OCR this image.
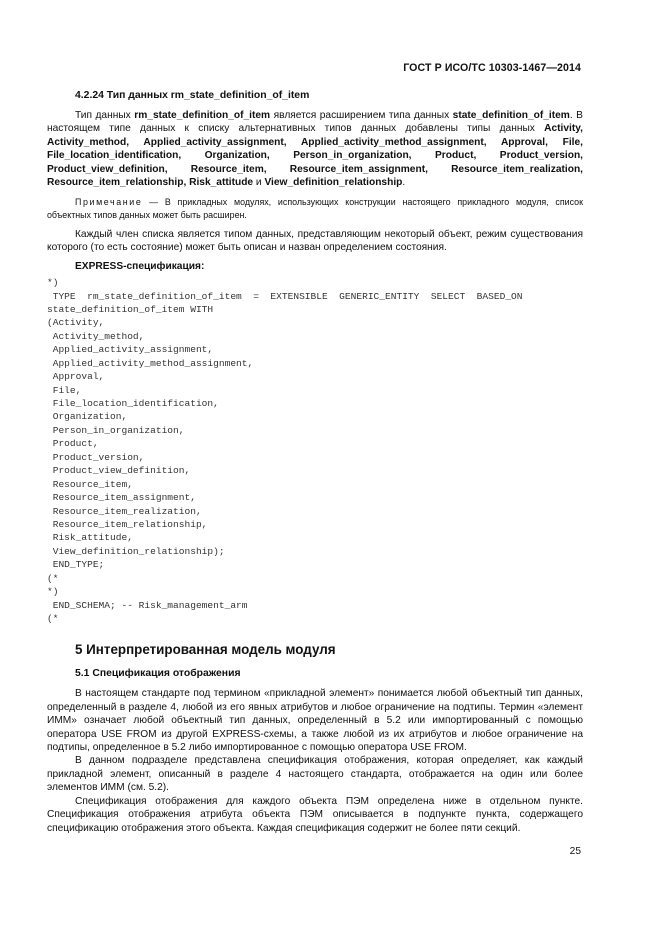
ГОСТ Р ИСО/ТС 10303-1467—2014

4.2.24 Тип данных rm_state_definition_of_item

Тип данных rm_state_definition_of_item является расширением типа данных state_definition_of_item. В настоящем типе данных к списку альтернативных типов данных добавлены типы данных Activity, Activity_method, Applied_activity_assignment, Applied_activity_method_assignment, Approval, File, File_location_identification, Organization, Person_in_organization, Product, Product_version, Product_view_definition, Resource_item, Resource_item_assignment, Resource_item_realization, Resource_item_relationship, Risk_attitude и View_definition_relationship.

Примечание — В прикладных модулях, использующих конструкции настоящего прикладного модуля, список объектных типов данных может быть расширен.

Каждый член списка является типом данных, представляющим некоторый объект, режим существования которого (то есть состояние) может быть описан и назван определением состояния.

EXPRESS-спецификация:

*)
TYPE  rm_state_definition_of_item  =  EXTENSIBLE  GENERIC_ENTITY  SELECT  BASED_ON
state_definition_of_item WITH
(Activity,
Activity_method,
Applied_activity_assignment,
Applied_activity_method_assignment,
Approval,
File,
File_location_identification,
Organization,
Person_in_organization,
Product,
Product_version,
Product_view_definition,
Resource_item,
Resource_item_assignment,
Resource_item_realization,
Resource_item_relationship,
Risk_attitude,
View_definition_relationship);
END_TYPE;
(*
*)
END_SCHEMA; -- Risk_management_arm
(*

5 Интерпретированная модель модуля

5.1 Спецификация отображения

В настоящем стандарте под термином «прикладной элемент» понимается любой объектный тип данных, определенный в разделе 4, любой из его явных атрибутов и любое ограничение на подтипы. Термин «элемент ИММ» означает любой объектный тип данных, определенный в 5.2 или импортированный с помощью оператора USE FROM из другой EXPRESS-схемы, а также любой из их атрибутов и любое ограничение на подтипы, определенное в 5.2 либо импортированное с помощью оператора USE FROM.

В данном подразделе представлена спецификация отображения, которая определяет, как каждый прикладной элемент, описанный в разделе 4 настоящего стандарта, отображается на один или более элементов ИММ (см. 5.2).

Спецификация отображения для каждого объекта ПЭМ определена ниже в отдельном пункте. Спецификация отображения атрибута объекта ПЭМ описывается в подпункте пункта, содержащего спецификацию отображения этого объекта. Каждая спецификация содержит не более пяти секций.

25
